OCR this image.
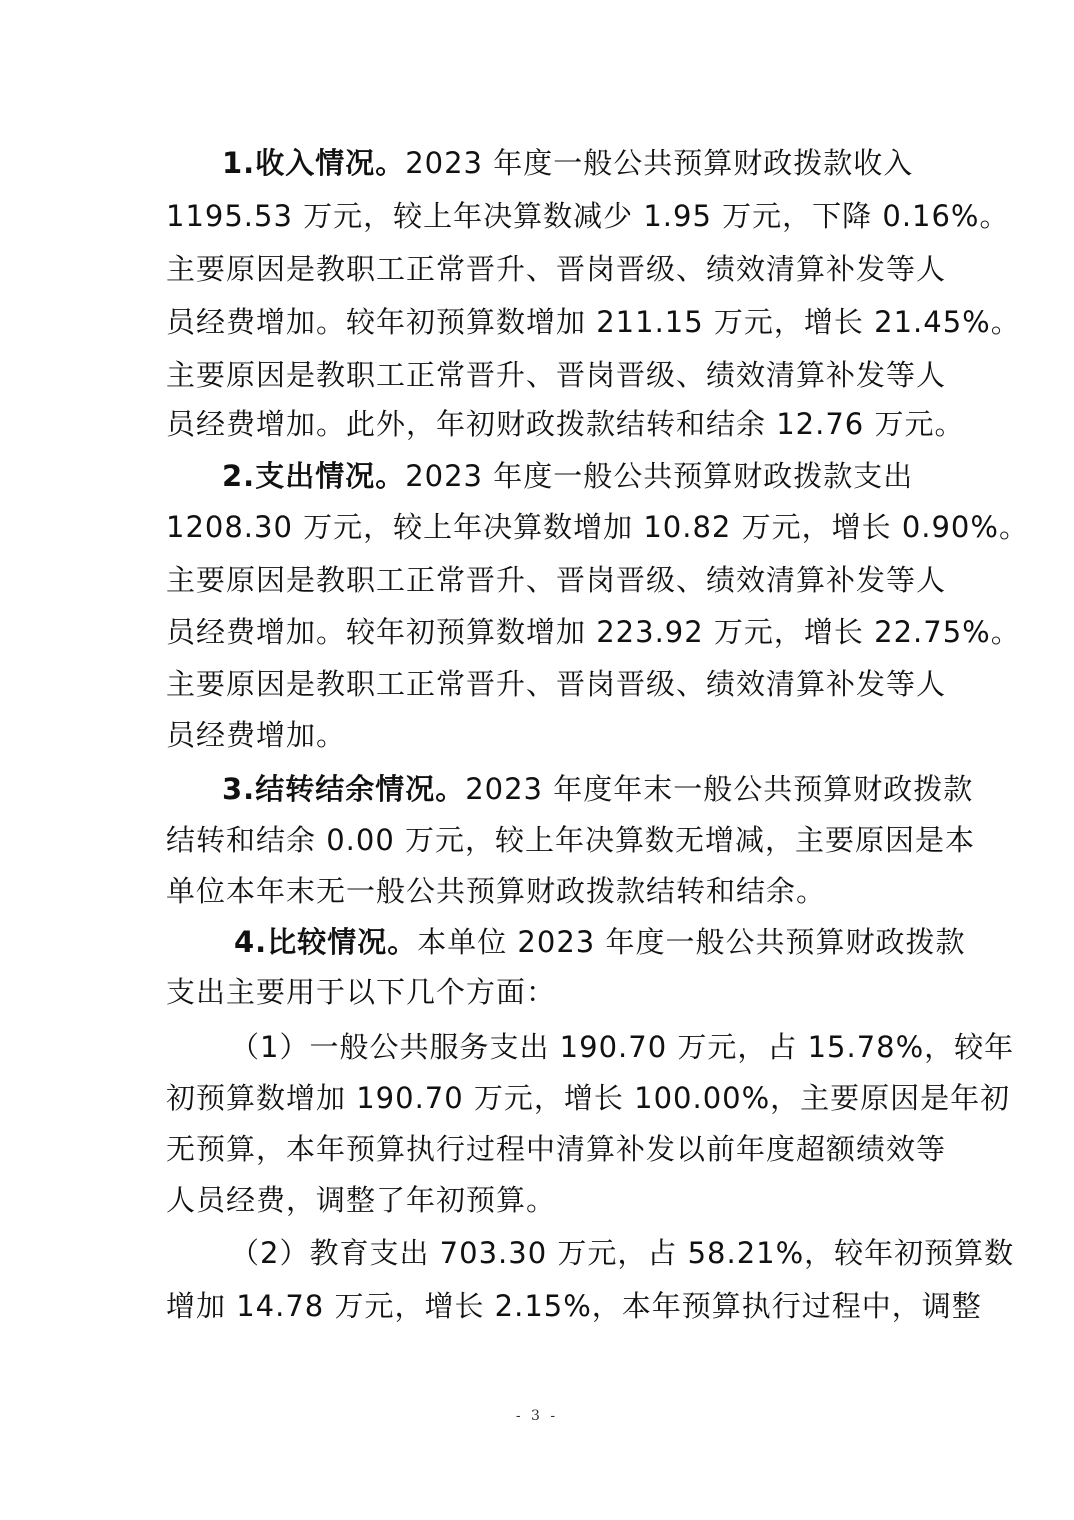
1.收入情况。2023 年度一般公共预算财政拨款收入
1195.53 万元，较上年决算数减少 1.95 万元，下降 0.16%。
主要原因是教职工正常晋升、晋岗晋级、绩效清算补发等人
员经费增加。较年初预算数增加 211.15 万元，增长 21.45%。
主要原因是教职工正常晋升、晋岗晋级、绩效清算补发等人
员经费增加。此外，年初财政拨款结转和结余 12.76 万元。
2.支出情况。2023 年度一般公共预算财政拨款支出
1208.30 万元，较上年决算数增加 10.82 万元，增长 0.90%。
主要原因是教职工正常晋升、晋岗晋级、绩效清算补发等人
员经费增加。较年初预算数增加 223.92 万元，增长 22.75%。
主要原因是教职工正常晋升、晋岗晋级、绩效清算补发等人
员经费增加。
3.结转结余情况。2023 年度年末一般公共预算财政拨款
结转和结余 0.00 万元，较上年决算数无增减，主要原因是本
单位本年末无一般公共预算财政拨款结转和结余。
4.比较情况。本单位 2023 年度一般公共预算财政拨款
支出主要用于以下几个方面：
（1）一般公共服务支出 190.70 万元，占 15.78%，较年
初预算数增加 190.70 万元，增长 100.00%，主要原因是年初
无预算，本年预算执行过程中清算补发以前年度超额绩效等
人员经费，调整了年初预算。
（2）教育支出 703.30 万元，占 58.21%，较年初预算数
增加 14.78 万元，增长 2.15%，本年预算执行过程中，调整
- 3 -
